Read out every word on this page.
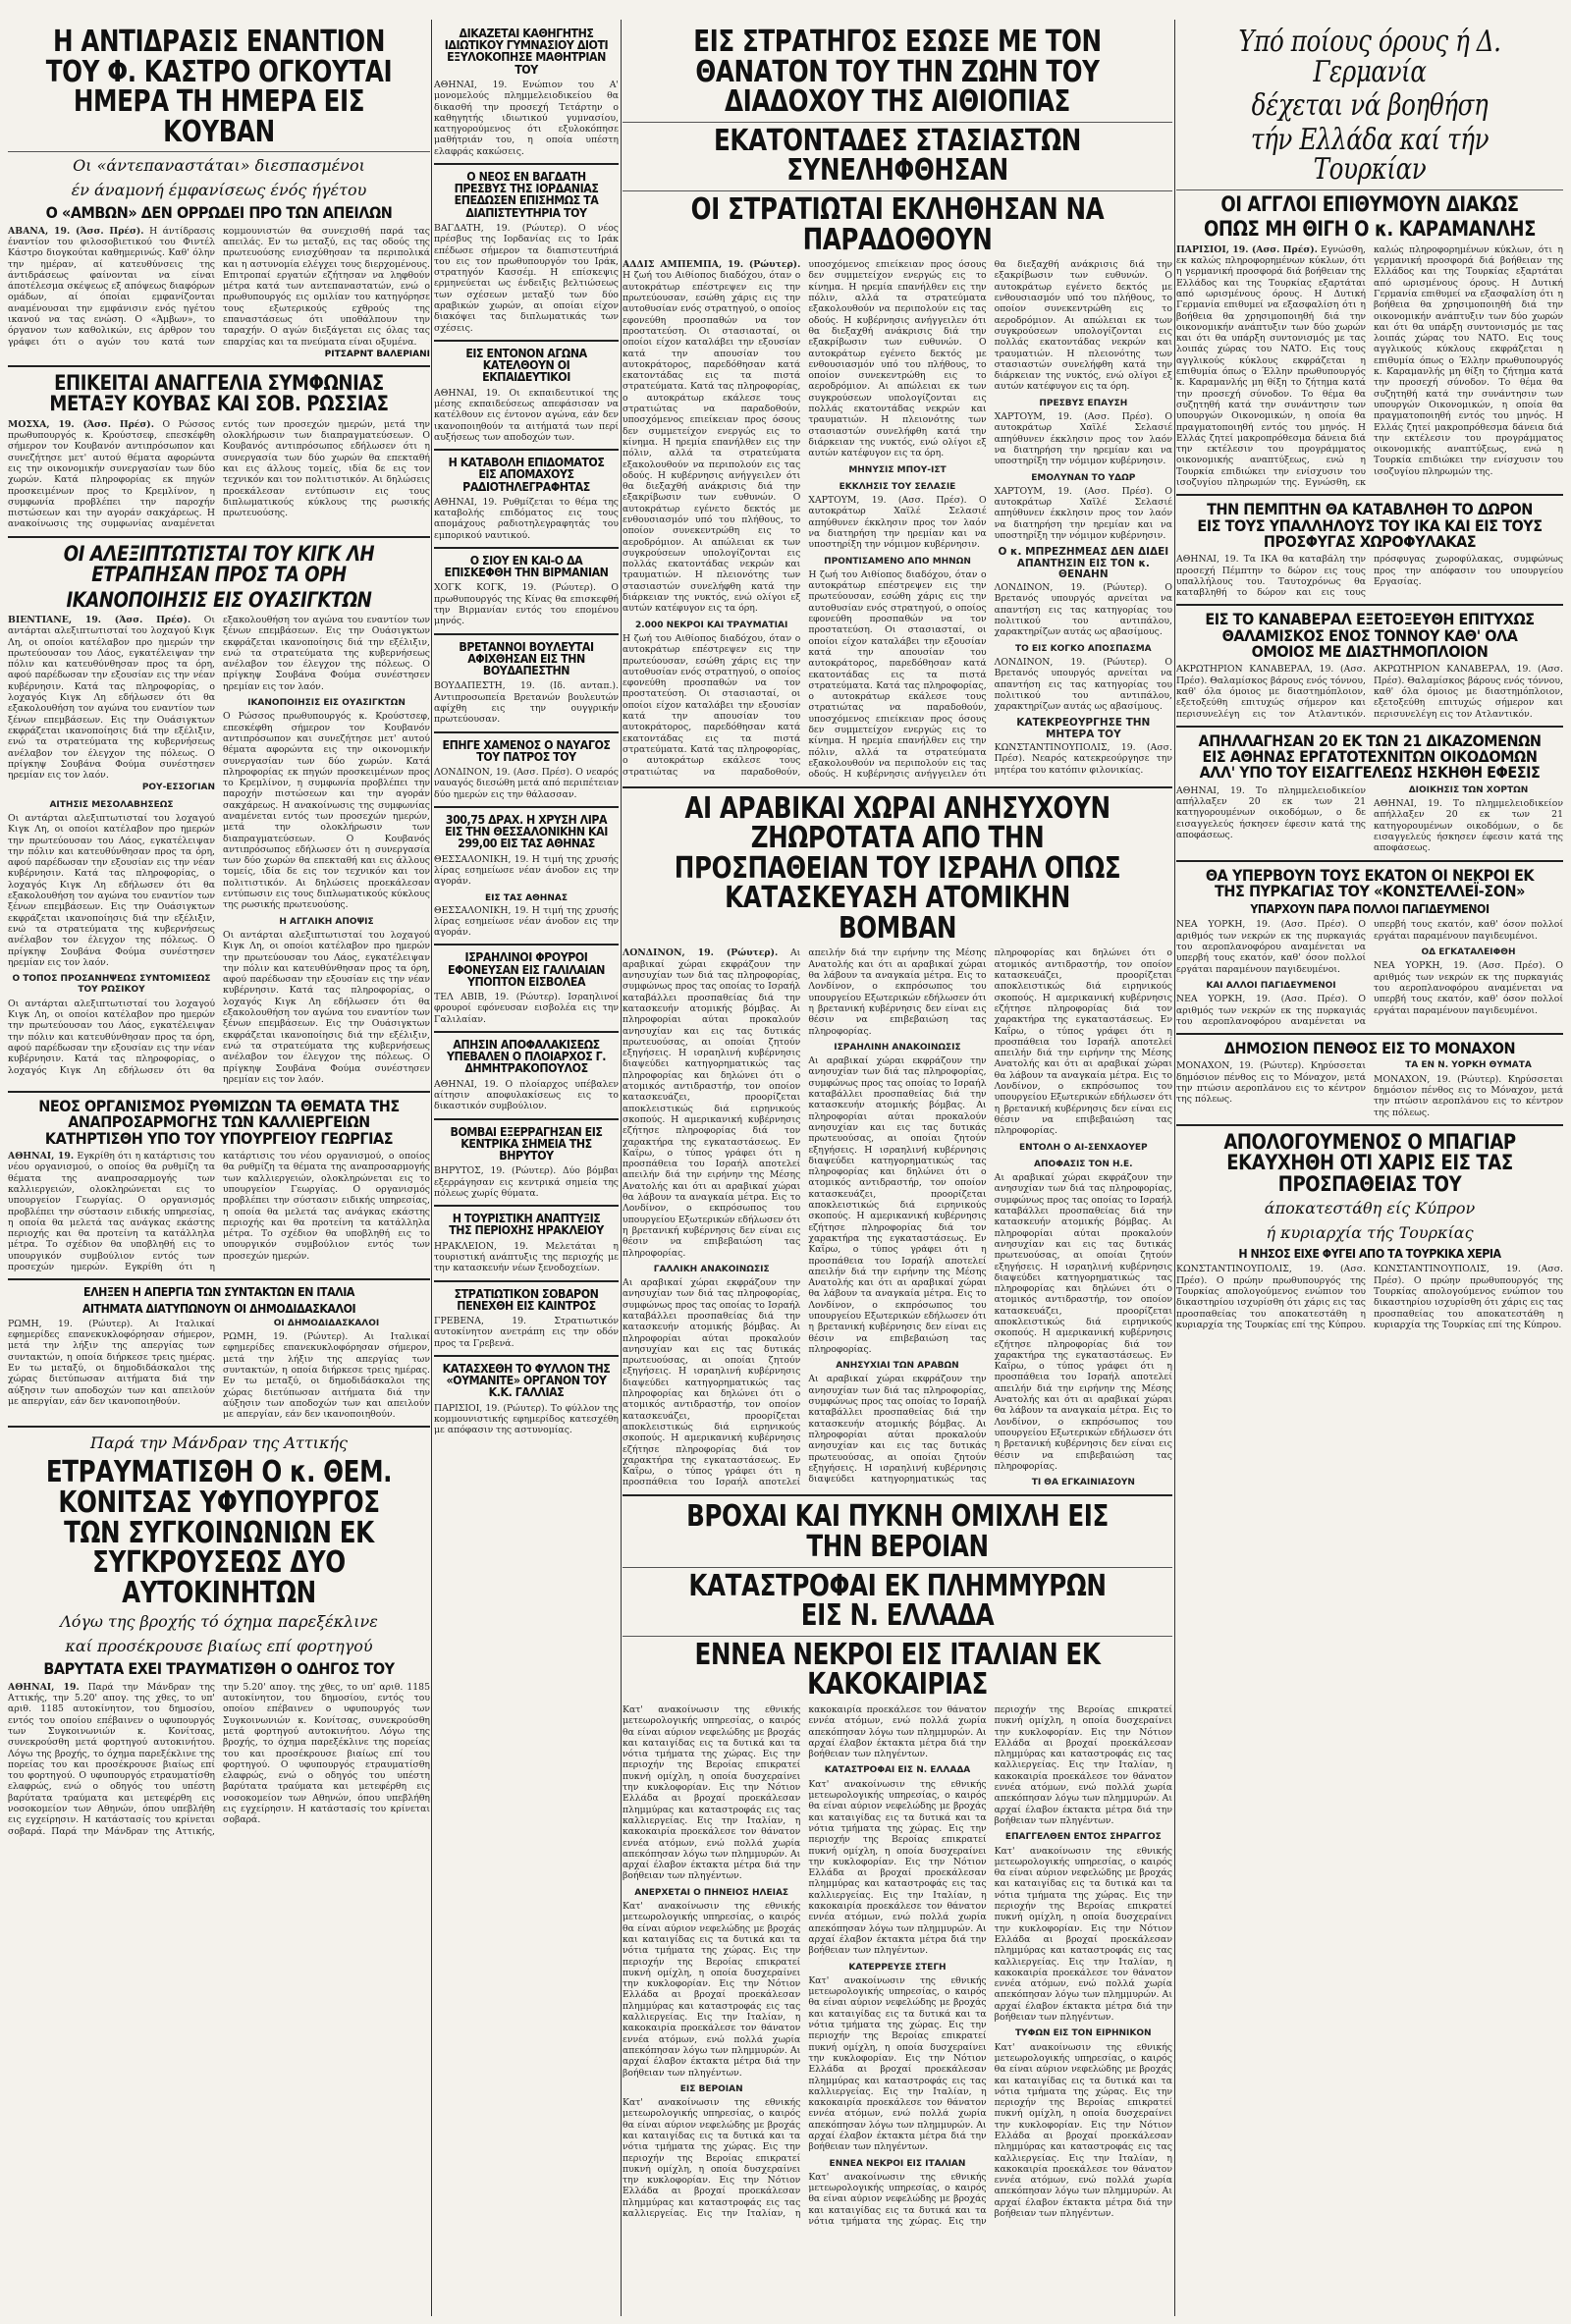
Η ΑΝΤΙΔΡΑΣΙΣ ΕΝΑΝΤΙΟΝ ΤΟΥ Φ. ΚΑΣΤΡΟ ΟΓΚΟΥΤΑΙ ΗΜΕΡΑ ΤΗ ΗΜΕΡΑ ΕΙΣ ΚΟΥΒΑΝ
Οι «άντεπαναστάται» διεσπασμένοι
έν άναμονή έμφανίσεως ένός ήγέτου
Ο «ΑΜΒΩΝ» ΔΕΝ ΟΡΡΩΔΕΙ ΠΡΟ ΤΩΝ ΑΠΕΙΛΩΝ
ΑΒΑΝΑ, 19. (Άσσ. Πρέσ). Η άντίδρασις έναντίον του φιλοσοβιετικού του Φιντέλ Κάστρο διογκούται καθημερινώς. Καθ' όλην την ημέραν, αί κατευθύνσεις της άντιδράσεως φαίνονται να είναι άποτέλεσμα σκέψεως εξ απόψεως διαφόρων ομάδων, αί όποίαι εμφανίζονται αναμένουσαι την εμφάνισιν ενός ηγέτου ικανού να τας ενώση. Ο «Άμβων», το όργανον των καθολικών, εις άρθρον του γράφει ότι ο αγών του κατά των κομμουνιστών θα συνεχισθή παρά τας απειλάς. Εν τω μεταξύ, εις τας οδούς της πρωτευούσης ενισχύθησαν τα περιπολικά και η αστυνομία ελέγχει τους διερχομένους. Επιτροπαί εργατών εζήτησαν να ληφθούν μέτρα κατά των αντεπαναστατών, ενώ ο πρωθυπουργός εις ομιλίαν του κατηγόρησε τους εξωτερικούς εχθρούς της επαναστάσεως ότι υποθάλπουν την ταραχήν. Ο αγών διεξάγεται εις όλας τας επαρχίας και τα πνεύματα είναι οξυμένα.
ΡΙΤΣΑΡΝΤ ΒΑΛΕΡΙΑΝΙ
ΕΠΙΚΕΙΤΑΙ ΑΝΑΓΓΕΛΙΑ ΣΥΜΦΩΝΙΑΣ ΜΕΤΑΞΥ ΚΟΥΒΑΣ ΚΑΙ ΣΟΒ. ΡΩΣΣΙΑΣ
ΜΟΣΧΑ, 19. (Άσσ. Πρέσ). Ο Ρώσσος πρωθυπουργός κ. Κρούστσεφ, επεσκέφθη σήμερον τον Κουβανόν αντιπρόσωπον και συνεζήτησε μετ' αυτού θέματα αφορώντα εις την οικονομικήν συνεργασίαν των δύο χωρών. Κατά πληροφορίας εκ πηγών προσκειμένων προς το Κρεμλίνον, η συμφωνία προβλέπει την παροχήν πιστώσεων και την αγοράν σακχάρεως. Η ανακοίνωσις της συμφωνίας αναμένεται εντός των προσεχών ημερών, μετά την ολοκλήρωσιν των διαπραγματεύσεων. Ο Κουβανός αντιπρόσωπος εδήλωσεν ότι η συνεργασία των δύο χωρών θα επεκταθή και εις άλλους τομείς, ιδία δε εις τον τεχνικόν και τον πολιτιστικόν. Αι δηλώσεις προεκάλεσαν εντύπωσιν εις τους διπλωματικούς κύκλους της ρωσικής πρωτευούσης.
ΟΙ ΑΛΕΞΙΠΤΩΤΙΣΤΑΙ ΤΟΥ ΚΙΓΚ ΛΗ ΕΤΡΑΠΗΣΑΝ ΠΡΟΣ ΤΑ ΟΡΗ
ΙΚΑΝΟΠΟΙΗΣΙΣ ΕΙΣ ΟΥΑΣΙΓΚΤΩΝ
ΒΙΕΝΤΙΑΝΕ, 19. (Άσσ. Πρέσ). Οι αντάρται αλεξιπτωτισταί του λοχαγού Κιγκ Λη, οι οποίοι κατέλαβον προ ημερών την πρωτεύουσαν του Λάος, εγκατέλειψαν την πόλιν και κατευθύνθησαν προς τα όρη, αφού παρέδωσαν την εξουσίαν εις την νέαν κυβέρνησιν. Κατά τας πληροφορίας, ο λοχαγός Κιγκ Λη εδήλωσεν ότι θα εξακολουθήση τον αγώνα του εναντίον των ξένων επεμβάσεων. Εις την Ουάσιγκτων εκφράζεται ικανοποίησις διά την εξέλιξιν, ενώ τα στρατεύματα της κυβερνήσεως ανέλαβον τον έλεγχον της πόλεως. Ο πρίγκηψ Σουβάνα Φούμα συνέστησεν ηρεμίαν εις τον λαόν.
ΡΟΥ-ΕΣΣΟΓΙΑΝ
ΑΙΤΗΣΙΣ ΜΕΣΟΛΑΒΗΣΕΩΣ
Οι αντάρται αλεξιπτωτισταί του λοχαγού Κιγκ Λη, οι οποίοι κατέλαβον προ ημερών την πρωτεύουσαν του Λάος, εγκατέλειψαν την πόλιν και κατευθύνθησαν προς τα όρη, αφού παρέδωσαν την εξουσίαν εις την νέαν κυβέρνησιν. Κατά τας πληροφορίας, ο λοχαγός Κιγκ Λη εδήλωσεν ότι θα εξακολουθήση τον αγώνα του εναντίον των ξένων επεμβάσεων. Εις την Ουάσιγκτων εκφράζεται ικανοποίησις διά την εξέλιξιν, ενώ τα στρατεύματα της κυβερνήσεως ανέλαβον τον έλεγχον της πόλεως. Ο πρίγκηψ Σουβάνα Φούμα συνέστησεν ηρεμίαν εις τον λαόν.
Ο ΤΟΠΟΣ ΠΡΟΣΑΝΗΨΕΩΣ ΣΥΝΤΟΜΙΣΕΩΣ ΤΟΥ ΡΩΣΙΚΟΥ
Οι αντάρται αλεξιπτωτισταί του λοχαγού Κιγκ Λη, οι οποίοι κατέλαβον προ ημερών την πρωτεύουσαν του Λάος, εγκατέλειψαν την πόλιν και κατευθύνθησαν προς τα όρη, αφού παρέδωσαν την εξουσίαν εις την νέαν κυβέρνησιν. Κατά τας πληροφορίας, ο λοχαγός Κιγκ Λη εδήλωσεν ότι θα εξακολουθήση τον αγώνα του εναντίον των ξένων επεμβάσεων. Εις την Ουάσιγκτων εκφράζεται ικανοποίησις διά την εξέλιξιν, ενώ τα στρατεύματα της κυβερνήσεως ανέλαβον τον έλεγχον της πόλεως. Ο πρίγκηψ Σουβάνα Φούμα συνέστησεν ηρεμίαν εις τον λαόν.
ΙΚΑΝΟΠΟΙΗΣΙΣ ΕΙΣ ΟΥΑΣΙΓΚΤΩΝ
Ο Ρώσσος πρωθυπουργός κ. Κρούστσεφ, επεσκέφθη σήμερον τον Κουβανόν αντιπρόσωπον και συνεζήτησε μετ' αυτού θέματα αφορώντα εις την οικονομικήν συνεργασίαν των δύο χωρών. Κατά πληροφορίας εκ πηγών προσκειμένων προς το Κρεμλίνον, η συμφωνία προβλέπει την παροχήν πιστώσεων και την αγοράν σακχάρεως. Η ανακοίνωσις της συμφωνίας αναμένεται εντός των προσεχών ημερών, μετά την ολοκλήρωσιν των διαπραγματεύσεων. Ο Κουβανός αντιπρόσωπος εδήλωσεν ότι η συνεργασία των δύο χωρών θα επεκταθή και εις άλλους τομείς, ιδία δε εις τον τεχνικόν και τον πολιτιστικόν. Αι δηλώσεις προεκάλεσαν εντύπωσιν εις τους διπλωματικούς κύκλους της ρωσικής πρωτευούσης.
Η ΑΓΓΛΙΚΗ ΑΠΟΨΙΣ
Οι αντάρται αλεξιπτωτισταί του λοχαγού Κιγκ Λη, οι οποίοι κατέλαβον προ ημερών την πρωτεύουσαν του Λάος, εγκατέλειψαν την πόλιν και κατευθύνθησαν προς τα όρη, αφού παρέδωσαν την εξουσίαν εις την νέαν κυβέρνησιν. Κατά τας πληροφορίας, ο λοχαγός Κιγκ Λη εδήλωσεν ότι θα εξακολουθήση τον αγώνα του εναντίον των ξένων επεμβάσεων. Εις την Ουάσιγκτων εκφράζεται ικανοποίησις διά την εξέλιξιν, ενώ τα στρατεύματα της κυβερνήσεως ανέλαβον τον έλεγχον της πόλεως. Ο πρίγκηψ Σουβάνα Φούμα συνέστησεν ηρεμίαν εις τον λαόν.
ΝΕΟΣ ΟΡΓΑΝΙΣΜΟΣ ΡΥΘΜΙΖΩΝ ΤΑ ΘΕΜΑΤΑ ΤΗΣ ΑΝΑΠΡΟΣΑΡΜΟΓΗΣ ΤΩΝ ΚΑΛΛΙΕΡΓΕΙΩΝ ΚΑΤΗΡΤΙΣΘΗ ΥΠΟ ΤΟΥ ΥΠΟΥΡΓΕΙΟΥ ΓΕΩΡΓΙΑΣ
ΑΘΗΝΑΙ, 19. Εγκρίθη ότι η κατάρτισις του νέου οργανισμού, ο οποίος θα ρυθμίζη τα θέματα της αναπροσαρμογής των καλλιεργειών, ολοκληρώνεται εις το υπουργείον Γεωργίας. Ο οργανισμός προβλέπει την σύστασιν ειδικής υπηρεσίας, η οποία θα μελετά τας ανάγκας εκάστης περιοχής και θα προτείνη τα κατάλληλα μέτρα. Το σχέδιον θα υποβληθή εις το υπουργικόν συμβούλιον εντός των προσεχών ημερών. Εγκρίθη ότι η κατάρτισις του νέου οργανισμού, ο οποίος θα ρυθμίζη τα θέματα της αναπροσαρμογής των καλλιεργειών, ολοκληρώνεται εις το υπουργείον Γεωργίας. Ο οργανισμός προβλέπει την σύστασιν ειδικής υπηρεσίας, η οποία θα μελετά τας ανάγκας εκάστης περιοχής και θα προτείνη τα κατάλληλα μέτρα. Το σχέδιον θα υποβληθή εις το υπουργικόν συμβούλιον εντός των προσεχών ημερών.
ΕΛΗΞΕΝ Η ΑΠΕΡΓΙΑ ΤΩΝ ΣΥΝΤΑΚΤΩΝ ΕΝ ΙΤΑΛΙΑ
ΑΙΤΗΜΑΤΑ ΔΙΑΤΥΠΩΝΟΥΝ ΟΙ ΔΗΜΟΔΙΔΑΣΚΑΛΟΙ
ΡΩΜΗ, 19. (Ρώυτερ). Αι Ιταλικαί εφημερίδες επανεκυκλοφόρησαν σήμερον, μετά την λήξιν της απεργίας των συντακτών, η οποία διήρκεσε τρεις ημέρας. Εν τω μεταξύ, οι δημοδιδάσκαλοι της χώρας διετύπωσαν αιτήματα διά την αύξησιν των αποδοχών των και απειλούν με απεργίαν, εάν δεν ικανοποιηθούν.
ΟΙ ΔΗΜΟΔΙΔΑΣΚΑΛΟΙ
ΡΩΜΗ, 19. (Ρώυτερ). Αι Ιταλικαί εφημερίδες επανεκυκλοφόρησαν σήμερον, μετά την λήξιν της απεργίας των συντακτών, η οποία διήρκεσε τρεις ημέρας. Εν τω μεταξύ, οι δημοδιδάσκαλοι της χώρας διετύπωσαν αιτήματα διά την αύξησιν των αποδοχών των και απειλούν με απεργίαν, εάν δεν ικανοποιηθούν.
Παρά την Μάνδραν της Αττικής
ΕΤΡΑΥΜΑΤΙΣΘΗ Ο κ. ΘΕΜ. ΚΟΝΙΤΣΑΣ ΥΦΥΠΟΥΡΓΟΣ ΤΩΝ ΣΥΓΚΟΙΝΩΝΙΩΝ ΕΚ ΣΥΓΚΡΟΥΣΕΩΣ ΔΥΟ ΑΥΤΟΚΙΝΗΤΩΝ
Λόγω της βροχής τό όχημα παρεξέκλινε
καί προσέκρουσε βιαίως επί φορτηγού
ΒΑΡΥΤΑΤΑ ΕΧΕΙ ΤΡΑΥΜΑΤΙΣΘΗ Ο ΟΔΗΓΟΣ ΤΟΥ
ΑΘΗΝΑΙ, 19. Παρά την Μάνδραν της Αττικής, την 5.20' απογ. της χθες, το υπ' αριθ. 1185 αυτοκίνητον, του δημοσίου, εντός του οποίου επέβαινεν ο υφυπουργός των Συγκοινωνιών κ. Κονίτσας, συνεκρούσθη μετά φορτηγού αυτοκινήτου. Λόγω της βροχής, το όχημα παρεξέκλινε της πορείας του και προσέκρουσε βιαίως επί του φορτηγού. Ο υφυπουργός ετραυματίσθη ελαφρώς, ενώ ο οδηγός του υπέστη βαρύτατα τραύματα και μετεφέρθη εις νοσοκομείον των Αθηνών, όπου υπεβλήθη εις εγχείρησιν. Η κατάστασίς του κρίνεται σοβαρά. Παρά την Μάνδραν της Αττικής, την 5.20' απογ. της χθες, το υπ' αριθ. 1185 αυτοκίνητον, του δημοσίου, εντός του οποίου επέβαινεν ο υφυπουργός των Συγκοινωνιών κ. Κονίτσας, συνεκρούσθη μετά φορτηγού αυτοκινήτου. Λόγω της βροχής, το όχημα παρεξέκλινε της πορείας του και προσέκρουσε βιαίως επί του φορτηγού. Ο υφυπουργός ετραυματίσθη ελαφρώς, ενώ ο οδηγός του υπέστη βαρύτατα τραύματα και μετεφέρθη εις νοσοκομείον των Αθηνών, όπου υπεβλήθη εις εγχείρησιν. Η κατάστασίς του κρίνεται σοβαρά.
ΔΙΚΑΖΕΤΑΙ ΚΑΘΗΓΗΤΗΣ ΙΔΙΩΤΙΚΟΥ ΓΥΜΝΑΣΙΟΥ ΔΙΟΤΙ ΕΞΥΛΟΚΟΠΗΣΕ ΜΑΘΗΤΡΙΑΝ ΤΟΥ
ΑΘΗΝΑΙ, 19. Ενώπιον του Α' μονομελούς πλημμελειοδικείου θα δικασθή την προσεχή Τετάρτην ο καθηγητής ιδιωτικού γυμνασίου, κατηγορούμενος ότι εξυλοκόπησε μαθήτριάν του, η οποία υπέστη ελαφράς κακώσεις.
Ο ΝΕΟΣ ΕΝ ΒΑΓΔΑΤΗ ΠΡΕΣΒΥΣ ΤΗΣ ΙΟΡΔΑΝΙΑΣ ΕΠΕΔΩΣΕΝ ΕΠΙΣΗΜΩΣ ΤΑ ΔΙΑΠΙΣΤΕΥΤΗΡΙΑ ΤΟΥ
ΒΑΓΔΑΤΗ, 19. (Ρώυτερ). Ο νέος πρέσβυς της Ιορδανίας εις το Ιράκ επέδωσε σήμερον τα διαπιστευτήριά του εις τον πρωθυπουργόν του Ιράκ, στρατηγόν Κασσέμ. Η επίσκεψις ερμηνεύεται ως ένδειξις βελτιώσεως των σχέσεων μεταξύ των δύο αραβικών χωρών, αι οποίαι είχον διακόψει τας διπλωματικάς των σχέσεις.
ΕΙΣ ΕΝΤΟΝΟΝ ΑΓΩΝΑ ΚΑΤΕΛΘΟΥΝ ΟΙ ΕΚΠΑΙΔΕΥΤΙΚΟΙ
ΑΘΗΝΑΙ, 19. Οι εκπαιδευτικοί της μέσης εκπαιδεύσεως απεφάσισαν να κατέλθουν εις έντονον αγώνα, εάν δεν ικανοποιηθούν τα αιτήματά των περί αυξήσεως των αποδοχών των.
Η ΚΑΤΑΒΟΛΗ ΕΠΙΔΟΜΑΤΟΣ ΕΙΣ ΑΠΟΜΑΧΟΥΣ ΡΑΔΙΟΤΗΛΕΓΡΑΦΗΤΑΣ
ΑΘΗΝΑΙ, 19. Ρυθμίζεται το θέμα της καταβολής επιδόματος εις τους απομάχους ραδιοτηλεγραφητάς του εμπορικού ναυτικού.
Ο ΣΙΟΥ ΕΝ ΚΑΙ-Ο ΔΑ ΕΠΙΣΚΕΦΘΗ ΤΗΝ ΒΙΡΜΑΝΙΑΝ
ΧΟΓΚ ΚΟΓΚ, 19. (Ρώυτερ). Ο πρωθυπουργός της Κίνας θα επισκεφθή την Βιρμανίαν εντός του επομένου μηνός.
ΒΡΕΤΑΝΝΟΙ ΒΟΥΛΕΥΤΑΙ ΑΦΙΧΘΗΣΑΝ ΕΙΣ ΤΗΝ ΒΟΥΔΑΠΕΣΤΗΝ
ΒΟΥΔΑΠΕΣΤΗ, 19. (Ιδ. ανταπ.). Αντιπροσωπεία Βρετανών βουλευτών αφίχθη εις την ουγγρικήν πρωτεύουσαν.
ΕΠΗΓΕ ΧΑΜΕΝΟΣ Ο ΝΑΥΑΓΟΣ ΤΟΥ ΠΑΤΡΟΣ ΤΟΥ
ΛΟΝΔΙΝΟΝ, 19. (Ασσ. Πρέσ). Ο νεαρός ναυαγός διεσώθη μετά από περιπέτειαν δύο ημερών εις την θάλασσαν.
300,75 ΔΡΑΧ. Η ΧΡΥΣΗ ΛΙΡΑ ΕΙΣ ΤΗΝ ΘΕΣΣΑΛΟΝΙΚΗΝ ΚΑΙ 299,00 ΕΙΣ ΤΑΣ ΑΘΗΝΑΣ
ΘΕΣΣΑΛΟΝΙΚΗ, 19. Η τιμή της χρυσής λίρας εσημείωσε νέαν άνοδον εις την αγοράν.
ΕΙΣ ΤΑΣ ΑΘΗΝΑΣ
ΘΕΣΣΑΛΟΝΙΚΗ, 19. Η τιμή της χρυσής λίρας εσημείωσε νέαν άνοδον εις την αγοράν.
ΙΣΡΑΗΛΙΝΟΙ ΦΡΟΥΡΟΙ ΕΦΟΝΕΥΣΑΝ ΕΙΣ ΓΑΛΙΛΑΙΑΝ ΥΠΟΠΤΟΝ ΕΙΣΒΟΛΕΑ
ΤΕΛ ΑΒΙΒ, 19. (Ρώυτερ). Ισραηλινοί φρουροί εφόνευσαν εισβολέα εις την Γαλιλαίαν.
ΑΠΗΣΙΝ ΑΠΟΦΑΛΑΚΙΣΕΩΣ ΥΠΕΒΑΛΕΝ Ο ΠΛΟΙΑΡΧΟΣ Γ. ΔΗΜΗΤΡΑΚΟΠΟΥΛΟΣ
ΑΘΗΝΑΙ, 19. Ο πλοίαρχος υπέβαλεν αίτησιν αποφυλακίσεως εις το δικαστικόν συμβούλιον.
ΒΟΜΒΑΙ ΕΞΕΡΡΑΓΗΣΑΝ ΕΙΣ ΚΕΝΤΡΙΚΑ ΣΗΜΕΙΑ ΤΗΣ ΒΗΡΥΤΟΥ
ΒΗΡΥΤΟΣ, 19. (Ρώυτερ). Δύο βόμβαι εξερράγησαν εις κεντρικά σημεία της πόλεως χωρίς θύματα.
Η ΤΟΥΡΙΣΤΙΚΗ ΑΝΑΠΤΥΞΙΣ ΤΗΣ ΠΕΡΙΟΧΗΣ ΗΡΑΚΛΕΙΟΥ
ΗΡΑΚΛΕΙΟΝ, 19. Μελετάται η τουριστική ανάπτυξις της περιοχής με την κατασκευήν νέων ξενοδοχείων.
ΣΤΡΑΤΙΩΤΙΚΟΝ ΣΟΒΑΡΟΝ ΠΕΝΕΧΘΗ ΕΙΣ ΚΑΙΝΤΡΟΣ
ΓΡΕΒΕΝΑ, 19. Στρατιωτικόν αυτοκίνητον ανετράπη εις την οδόν προς τα Γρεβενά.
ΚΑΤΑΣΧΕΘΗ ΤΟ ΦΥΛΛΟΝ ΤΗΣ «ΟΥΜΑΝΙΤΕ» ΟΡΓΑΝΟΝ ΤΟΥ Κ.Κ. ΓΑΛΛΙΑΣ
ΠΑΡΙΣΙΟΙ, 19. (Ρώυτερ). Το φύλλον της κομμουνιστικής εφημερίδος κατεσχέθη με απόφασιν της αστυνομίας.
ΕΙΣ ΣΤΡΑΤΗΓΟΣ ΕΣΩΣΕ ΜΕ ΤΟΝ ΘΑΝΑΤΟΝ ΤΟΥ ΤΗΝ ΖΩΗΝ ΤΟΥ ΔΙΑΔΟΧΟΥ ΤΗΣ ΑΙΘΙΟΠΙΑΣ
ΕΚΑΤΟΝΤΑΔΕΣ ΣΤΑΣΙΑΣΤΩΝ ΣΥΝΕΛΗΦΘΗΣΑΝ
ΟΙ ΣΤΡΑΤΙΩΤΑΙ ΕΚΛΗΘΗΣΑΝ ΝΑ ΠΑΡΑΔΟΘΟΥΝ
ΑΔΔΙΣ ΑΜΠΕΜΠΑ, 19. (Ρώυτερ). Η ζωή του Αιθίοπος διαδόχου, όταν ο αυτοκράτωρ επέστρεψεν εις την πρωτεύουσαν, εσώθη χάρις εις την αυτοθυσίαν ενός στρατηγού, ο οποίος εφονεύθη προσπαθών να τον προστατεύση. Οι στασιασταί, οι οποίοι είχον καταλάβει την εξουσίαν κατά την απουσίαν του αυτοκράτορος, παρεδόθησαν κατά εκατοντάδας εις τα πιστά στρατεύματα. Κατά τας πληροφορίας, ο αυτοκράτωρ εκάλεσε τους στρατιώτας να παραδοθούν, υποσχόμενος επιείκειαν προς όσους δεν συμμετείχον ενεργώς εις το κίνημα. Η ηρεμία επανήλθεν εις την πόλιν, αλλά τα στρατεύματα εξακολουθούν να περιπολούν εις τας οδούς. Η κυβέρνησις ανήγγειλεν ότι θα διεξαχθή ανάκρισις διά την εξακρίβωσιν των ευθυνών. Ο αυτοκράτωρ εγένετο δεκτός με ενθουσιασμόν υπό του πλήθους, το οποίον συνεκεντρώθη εις το αεροδρόμιον. Αι απώλειαι εκ των συγκρούσεων υπολογίζονται εις πολλάς εκατοντάδας νεκρών και τραυματιών. Η πλειονότης των στασιαστών συνελήφθη κατά την διάρκειαν της νυκτός, ενώ ολίγοι εξ αυτών κατέφυγον εις τα όρη.
2.000 ΝΕΚΡΟΙ ΚΑΙ ΤΡΑΥΜΑΤΙΑΙ
Η ζωή του Αιθίοπος διαδόχου, όταν ο αυτοκράτωρ επέστρεψεν εις την πρωτεύουσαν, εσώθη χάρις εις την αυτοθυσίαν ενός στρατηγού, ο οποίος εφονεύθη προσπαθών να τον προστατεύση. Οι στασιασταί, οι οποίοι είχον καταλάβει την εξουσίαν κατά την απουσίαν του αυτοκράτορος, παρεδόθησαν κατά εκατοντάδας εις τα πιστά στρατεύματα. Κατά τας πληροφορίας, ο αυτοκράτωρ εκάλεσε τους στρατιώτας να παραδοθούν, υποσχόμενος επιείκειαν προς όσους δεν συμμετείχον ενεργώς εις το κίνημα. Η ηρεμία επανήλθεν εις την πόλιν, αλλά τα στρατεύματα εξακολουθούν να περιπολούν εις τας οδούς. Η κυβέρνησις ανήγγειλεν ότι θα διεξαχθή ανάκρισις διά την εξακρίβωσιν των ευθυνών. Ο αυτοκράτωρ εγένετο δεκτός με ενθουσιασμόν υπό του πλήθους, το οποίον συνεκεντρώθη εις το αεροδρόμιον. Αι απώλειαι εκ των συγκρούσεων υπολογίζονται εις πολλάς εκατοντάδας νεκρών και τραυματιών. Η πλειονότης των στασιαστών συνελήφθη κατά την διάρκειαν της νυκτός, ενώ ολίγοι εξ αυτών κατέφυγον εις τα όρη.
ΜΗΝΥΣΙΣ ΜΠΟΥ-ΙΣΤ
ΕΚΚΛΗΣΙΣ ΤΟΥ ΣΕΛΑΣΙΕ
ΧΑΡΤΟΥΜ, 19. (Ασσ. Πρέσ). Ο αυτοκράτωρ Χαϊλέ Σελασιέ απηύθυνεν έκκλησιν προς τον λαόν να διατηρήση την ηρεμίαν και να υποστηρίξη την νόμιμον κυβέρνησιν.
ΠΡΟΝΤΙΣΑΜΕΝΟ ΑΠΟ ΜΗΝΩΝ
Η ζωή του Αιθίοπος διαδόχου, όταν ο αυτοκράτωρ επέστρεψεν εις την πρωτεύουσαν, εσώθη χάρις εις την αυτοθυσίαν ενός στρατηγού, ο οποίος εφονεύθη προσπαθών να τον προστατεύση. Οι στασιασταί, οι οποίοι είχον καταλάβει την εξουσίαν κατά την απουσίαν του αυτοκράτορος, παρεδόθησαν κατά εκατοντάδας εις τα πιστά στρατεύματα. Κατά τας πληροφορίας, ο αυτοκράτωρ εκάλεσε τους στρατιώτας να παραδοθούν, υποσχόμενος επιείκειαν προς όσους δεν συμμετείχον ενεργώς εις το κίνημα. Η ηρεμία επανήλθεν εις την πόλιν, αλλά τα στρατεύματα εξακολουθούν να περιπολούν εις τας οδούς. Η κυβέρνησις ανήγγειλεν ότι θα διεξαχθή ανάκρισις διά την εξακρίβωσιν των ευθυνών. Ο αυτοκράτωρ εγένετο δεκτός με ενθουσιασμόν υπό του πλήθους, το οποίον συνεκεντρώθη εις το αεροδρόμιον. Αι απώλειαι εκ των συγκρούσεων υπολογίζονται εις πολλάς εκατοντάδας νεκρών και τραυματιών. Η πλειονότης των στασιαστών συνελήφθη κατά την διάρκειαν της νυκτός, ενώ ολίγοι εξ αυτών κατέφυγον εις τα όρη.
ΠΡΕΣΒΥΣ ΕΠΑΥΣΗ
ΧΑΡΤΟΥΜ, 19. (Ασσ. Πρέσ). Ο αυτοκράτωρ Χαϊλέ Σελασιέ απηύθυνεν έκκλησιν προς τον λαόν να διατηρήση την ηρεμίαν και να υποστηρίξη την νόμιμον κυβέρνησιν.
ΕΜΟΛΥΝΑΝ ΤΟ ΥΔΩΡ
ΧΑΡΤΟΥΜ, 19. (Ασσ. Πρέσ). Ο αυτοκράτωρ Χαϊλέ Σελασιέ απηύθυνεν έκκλησιν προς τον λαόν να διατηρήση την ηρεμίαν και να υποστηρίξη την νόμιμον κυβέρνησιν.
Ο κ. ΜΠΡΕΖΗΜΕΑΣ ΔΕΝ ΔΙΔΕΙ ΑΠΑΝΤΗΣΙΝ ΕΙΣ ΤΟΝ κ. ΘΕΝΑΗΝ
ΛΟΝΔΙΝΟΝ, 19. (Ρώυτερ). Ο Βρετανός υπουργός αρνείται να απαντήση εις τας κατηγορίας του πολιτικού του αντιπάλου, χαρακτηρίζων αυτάς ως αβασίμους.
ΤΟ ΕΙΣ ΚΟΓΚΟ ΑΠΟΣΠΑΣΜΑ
ΛΟΝΔΙΝΟΝ, 19. (Ρώυτερ). Ο Βρετανός υπουργός αρνείται να απαντήση εις τας κατηγορίας του πολιτικού του αντιπάλου, χαρακτηρίζων αυτάς ως αβασίμους.
ΚΑΤΕΚΡΕΟΥΡΓΗΣΕ ΤΗΝ ΜΗΤΕΡΑ ΤΟΥ
ΚΩΝΣΤΑΝΤΙΝΟΥΠΟΛΙΣ, 19. (Ασσ. Πρέσ). Νεαρός κατεκρεούργησε την μητέρα του κατόπιν φιλονικίας.
ΑΙ ΑΡΑΒΙΚΑΙ ΧΩΡΑΙ ΑΝΗΣΥΧΟΥΝ ΖΗΩΡΟΤΑΤΑ ΑΠΟ ΤΗΝ ΠΡΟΣΠΑΘΕΙΑΝ ΤΟΥ ΙΣΡΑΗΛ ΟΠΩΣ ΚΑΤΑΣΚΕΥΑΣΗ ΑΤΟΜΙΚΗΝ ΒΟΜΒΑΝ
ΛΟΝΔΙΝΟΝ, 19. (Ρώυτερ). Αι αραβικαί χώραι εκφράζουν την ανησυχίαν των διά τας πληροφορίας, συμφώνως προς τας οποίας το Ισραήλ καταβάλλει προσπαθείας διά την κατασκευήν ατομικής βόμβας. Αι πληροφορίαι αύται προκαλούν ανησυχίαν και εις τας δυτικάς πρωτευούσας, αι οποίαι ζητούν εξηγήσεις. Η ισραηλινή κυβέρνησις διαψεύδει κατηγορηματικώς τας πληροφορίας και δηλώνει ότι ο ατομικός αντιδραστήρ, τον οποίον κατασκευάζει, προορίζεται αποκλειστικώς διά ειρηνικούς σκοπούς. Η αμερικανική κυβέρνησις εζήτησε πληροφορίας διά τον χαρακτήρα της εγκαταστάσεως. Εν Καΐρω, ο τύπος γράφει ότι η προσπάθεια του Ισραήλ αποτελεί απειλήν διά την ειρήνην της Μέσης Ανατολής και ότι αι αραβικαί χώραι θα λάβουν τα αναγκαία μέτρα. Εις το Λονδίνον, ο εκπρόσωπος του υπουργείου Εξωτερικών εδήλωσεν ότι η βρετανική κυβέρνησις δεν είναι εις θέσιν να επιβεβαιώση τας πληροφορίας.
ΓΑΛΛΙΚΗ ΑΝΑΚΟΙΝΩΣΙΣ
Αι αραβικαί χώραι εκφράζουν την ανησυχίαν των διά τας πληροφορίας, συμφώνως προς τας οποίας το Ισραήλ καταβάλλει προσπαθείας διά την κατασκευήν ατομικής βόμβας. Αι πληροφορίαι αύται προκαλούν ανησυχίαν και εις τας δυτικάς πρωτευούσας, αι οποίαι ζητούν εξηγήσεις. Η ισραηλινή κυβέρνησις διαψεύδει κατηγορηματικώς τας πληροφορίας και δηλώνει ότι ο ατομικός αντιδραστήρ, τον οποίον κατασκευάζει, προορίζεται αποκλειστικώς διά ειρηνικούς σκοπούς. Η αμερικανική κυβέρνησις εζήτησε πληροφορίας διά τον χαρακτήρα της εγκαταστάσεως. Εν Καΐρω, ο τύπος γράφει ότι η προσπάθεια του Ισραήλ αποτελεί απειλήν διά την ειρήνην της Μέσης Ανατολής και ότι αι αραβικαί χώραι θα λάβουν τα αναγκαία μέτρα. Εις το Λονδίνον, ο εκπρόσωπος του υπουργείου Εξωτερικών εδήλωσεν ότι η βρετανική κυβέρνησις δεν είναι εις θέσιν να επιβεβαιώση τας πληροφορίας.
ΙΣΡΑΗΛΙΝΗ ΑΝΑΚΟΙΝΩΣΙΣ
Αι αραβικαί χώραι εκφράζουν την ανησυχίαν των διά τας πληροφορίας, συμφώνως προς τας οποίας το Ισραήλ καταβάλλει προσπαθείας διά την κατασκευήν ατομικής βόμβας. Αι πληροφορίαι αύται προκαλούν ανησυχίαν και εις τας δυτικάς πρωτευούσας, αι οποίαι ζητούν εξηγήσεις. Η ισραηλινή κυβέρνησις διαψεύδει κατηγορηματικώς τας πληροφορίας και δηλώνει ότι ο ατομικός αντιδραστήρ, τον οποίον κατασκευάζει, προορίζεται αποκλειστικώς διά ειρηνικούς σκοπούς. Η αμερικανική κυβέρνησις εζήτησε πληροφορίας διά τον χαρακτήρα της εγκαταστάσεως. Εν Καΐρω, ο τύπος γράφει ότι η προσπάθεια του Ισραήλ αποτελεί απειλήν διά την ειρήνην της Μέσης Ανατολής και ότι αι αραβικαί χώραι θα λάβουν τα αναγκαία μέτρα. Εις το Λονδίνον, ο εκπρόσωπος του υπουργείου Εξωτερικών εδήλωσεν ότι η βρετανική κυβέρνησις δεν είναι εις θέσιν να επιβεβαιώση τας πληροφορίας.
ΑΝΗΣΥΧΙΑΙ ΤΩΝ ΑΡΑΒΩΝ
Αι αραβικαί χώραι εκφράζουν την ανησυχίαν των διά τας πληροφορίας, συμφώνως προς τας οποίας το Ισραήλ καταβάλλει προσπαθείας διά την κατασκευήν ατομικής βόμβας. Αι πληροφορίαι αύται προκαλούν ανησυχίαν και εις τας δυτικάς πρωτευούσας, αι οποίαι ζητούν εξηγήσεις. Η ισραηλινή κυβέρνησις διαψεύδει κατηγορηματικώς τας πληροφορίας και δηλώνει ότι ο ατομικός αντιδραστήρ, τον οποίον κατασκευάζει, προορίζεται αποκλειστικώς διά ειρηνικούς σκοπούς. Η αμερικανική κυβέρνησις εζήτησε πληροφορίας διά τον χαρακτήρα της εγκαταστάσεως. Εν Καΐρω, ο τύπος γράφει ότι η προσπάθεια του Ισραήλ αποτελεί απειλήν διά την ειρήνην της Μέσης Ανατολής και ότι αι αραβικαί χώραι θα λάβουν τα αναγκαία μέτρα. Εις το Λονδίνον, ο εκπρόσωπος του υπουργείου Εξωτερικών εδήλωσεν ότι η βρετανική κυβέρνησις δεν είναι εις θέσιν να επιβεβαιώση τας πληροφορίας.
ΕΝΤΟΛΗ Ο ΑΙ-ΣΕΝΧΑΟΥΕΡ
ΑΠΟΦΑΣΙΣ ΤΟΝ Η.Ε.
Αι αραβικαί χώραι εκφράζουν την ανησυχίαν των διά τας πληροφορίας, συμφώνως προς τας οποίας το Ισραήλ καταβάλλει προσπαθείας διά την κατασκευήν ατομικής βόμβας. Αι πληροφορίαι αύται προκαλούν ανησυχίαν και εις τας δυτικάς πρωτευούσας, αι οποίαι ζητούν εξηγήσεις. Η ισραηλινή κυβέρνησις διαψεύδει κατηγορηματικώς τας πληροφορίας και δηλώνει ότι ο ατομικός αντιδραστήρ, τον οποίον κατασκευάζει, προορίζεται αποκλειστικώς διά ειρηνικούς σκοπούς. Η αμερικανική κυβέρνησις εζήτησε πληροφορίας διά τον χαρακτήρα της εγκαταστάσεως. Εν Καΐρω, ο τύπος γράφει ότι η προσπάθεια του Ισραήλ αποτελεί απειλήν διά την ειρήνην της Μέσης Ανατολής και ότι αι αραβικαί χώραι θα λάβουν τα αναγκαία μέτρα. Εις το Λονδίνον, ο εκπρόσωπος του υπουργείου Εξωτερικών εδήλωσεν ότι η βρετανική κυβέρνησις δεν είναι εις θέσιν να επιβεβαιώση τας πληροφορίας.
ΤΙ ΘΑ ΕΓΚΑΙΝΙΑΣΟΥΝ
ΒΡΟΧΑΙ ΚΑΙ ΠΥΚΝΗ ΟΜΙΧΛΗ ΕΙΣ ΤΗΝ ΒΕΡΟΙΑΝ
ΚΑΤΑΣΤΡΟΦΑΙ ΕΚ ΠΛΗΜΜΥΡΩΝ ΕΙΣ Ν. ΕΛΛΑΔΑ
ΕΝΝΕΑ ΝΕΚΡΟΙ ΕΙΣ ΙΤΑΛΙΑΝ ΕΚ ΚΑΚΟΚΑΙΡΙΑΣ
Κατ' ανακοίνωσιν της εθνικής μετεωρολογικής υπηρεσίας, ο καιρός θα είναι αύριον νεφελώδης με βροχάς και καταιγίδας εις τα δυτικά και τα νότια τμήματα της χώρας. Εις την περιοχήν της Βεροίας επικρατεί πυκνή ομίχλη, η οποία δυσχεραίνει την κυκλοφορίαν. Εις την Νότιον Ελλάδα αι βροχαί προεκάλεσαν πλημμύρας και καταστροφάς εις τας καλλιεργείας. Εις την Ιταλίαν, η κακοκαιρία προεκάλεσε τον θάνατον εννέα ατόμων, ενώ πολλά χωρία απεκόπησαν λόγω των πλημμυρών. Αι αρχαί έλαβον έκτακτα μέτρα διά την βοήθειαν των πληγέντων.
ΑΝΕΡΧΕΤΑΙ Ο ΠΗΝΕΙΟΣ ΗΛΕΙΑΣ
Κατ' ανακοίνωσιν της εθνικής μετεωρολογικής υπηρεσίας, ο καιρός θα είναι αύριον νεφελώδης με βροχάς και καταιγίδας εις τα δυτικά και τα νότια τμήματα της χώρας. Εις την περιοχήν της Βεροίας επικρατεί πυκνή ομίχλη, η οποία δυσχεραίνει την κυκλοφορίαν. Εις την Νότιον Ελλάδα αι βροχαί προεκάλεσαν πλημμύρας και καταστροφάς εις τας καλλιεργείας. Εις την Ιταλίαν, η κακοκαιρία προεκάλεσε τον θάνατον εννέα ατόμων, ενώ πολλά χωρία απεκόπησαν λόγω των πλημμυρών. Αι αρχαί έλαβον έκτακτα μέτρα διά την βοήθειαν των πληγέντων.
ΕΙΣ ΒΕΡΟΙΑΝ
Κατ' ανακοίνωσιν της εθνικής μετεωρολογικής υπηρεσίας, ο καιρός θα είναι αύριον νεφελώδης με βροχάς και καταιγίδας εις τα δυτικά και τα νότια τμήματα της χώρας. Εις την περιοχήν της Βεροίας επικρατεί πυκνή ομίχλη, η οποία δυσχεραίνει την κυκλοφορίαν. Εις την Νότιον Ελλάδα αι βροχαί προεκάλεσαν πλημμύρας και καταστροφάς εις τας καλλιεργείας. Εις την Ιταλίαν, η κακοκαιρία προεκάλεσε τον θάνατον εννέα ατόμων, ενώ πολλά χωρία απεκόπησαν λόγω των πλημμυρών. Αι αρχαί έλαβον έκτακτα μέτρα διά την βοήθειαν των πληγέντων.
ΚΑΤΑΣΤΡΟΦΑΙ ΕΙΣ Ν. ΕΛΛΑΔΑ
Κατ' ανακοίνωσιν της εθνικής μετεωρολογικής υπηρεσίας, ο καιρός θα είναι αύριον νεφελώδης με βροχάς και καταιγίδας εις τα δυτικά και τα νότια τμήματα της χώρας. Εις την περιοχήν της Βεροίας επικρατεί πυκνή ομίχλη, η οποία δυσχεραίνει την κυκλοφορίαν. Εις την Νότιον Ελλάδα αι βροχαί προεκάλεσαν πλημμύρας και καταστροφάς εις τας καλλιεργείας. Εις την Ιταλίαν, η κακοκαιρία προεκάλεσε τον θάνατον εννέα ατόμων, ενώ πολλά χωρία απεκόπησαν λόγω των πλημμυρών. Αι αρχαί έλαβον έκτακτα μέτρα διά την βοήθειαν των πληγέντων.
ΚΑΤΕΡΡΕΥΣΕ ΣΤΕΓΗ
Κατ' ανακοίνωσιν της εθνικής μετεωρολογικής υπηρεσίας, ο καιρός θα είναι αύριον νεφελώδης με βροχάς και καταιγίδας εις τα δυτικά και τα νότια τμήματα της χώρας. Εις την περιοχήν της Βεροίας επικρατεί πυκνή ομίχλη, η οποία δυσχεραίνει την κυκλοφορίαν. Εις την Νότιον Ελλάδα αι βροχαί προεκάλεσαν πλημμύρας και καταστροφάς εις τας καλλιεργείας. Εις την Ιταλίαν, η κακοκαιρία προεκάλεσε τον θάνατον εννέα ατόμων, ενώ πολλά χωρία απεκόπησαν λόγω των πλημμυρών. Αι αρχαί έλαβον έκτακτα μέτρα διά την βοήθειαν των πληγέντων.
ΕΝΝΕΑ ΝΕΚΡΟΙ ΕΙΣ ΙΤΑΛΙΑΝ
Κατ' ανακοίνωσιν της εθνικής μετεωρολογικής υπηρεσίας, ο καιρός θα είναι αύριον νεφελώδης με βροχάς και καταιγίδας εις τα δυτικά και τα νότια τμήματα της χώρας. Εις την περιοχήν της Βεροίας επικρατεί πυκνή ομίχλη, η οποία δυσχεραίνει την κυκλοφορίαν. Εις την Νότιον Ελλάδα αι βροχαί προεκάλεσαν πλημμύρας και καταστροφάς εις τας καλλιεργείας. Εις την Ιταλίαν, η κακοκαιρία προεκάλεσε τον θάνατον εννέα ατόμων, ενώ πολλά χωρία απεκόπησαν λόγω των πλημμυρών. Αι αρχαί έλαβον έκτακτα μέτρα διά την βοήθειαν των πληγέντων.
ΕΠΑΓΓΕΛΘΕΝ ΕΝΤΟΣ ΣΗΡΑΓΓΟΣ
Κατ' ανακοίνωσιν της εθνικής μετεωρολογικής υπηρεσίας, ο καιρός θα είναι αύριον νεφελώδης με βροχάς και καταιγίδας εις τα δυτικά και τα νότια τμήματα της χώρας. Εις την περιοχήν της Βεροίας επικρατεί πυκνή ομίχλη, η οποία δυσχεραίνει την κυκλοφορίαν. Εις την Νότιον Ελλάδα αι βροχαί προεκάλεσαν πλημμύρας και καταστροφάς εις τας καλλιεργείας. Εις την Ιταλίαν, η κακοκαιρία προεκάλεσε τον θάνατον εννέα ατόμων, ενώ πολλά χωρία απεκόπησαν λόγω των πλημμυρών. Αι αρχαί έλαβον έκτακτα μέτρα διά την βοήθειαν των πληγέντων.
ΤΥΦΩΝ ΕΙΣ ΤΟΝ ΕΙΡΗΝΙΚΟΝ
Κατ' ανακοίνωσιν της εθνικής μετεωρολογικής υπηρεσίας, ο καιρός θα είναι αύριον νεφελώδης με βροχάς και καταιγίδας εις τα δυτικά και τα νότια τμήματα της χώρας. Εις την περιοχήν της Βεροίας επικρατεί πυκνή ομίχλη, η οποία δυσχεραίνει την κυκλοφορίαν. Εις την Νότιον Ελλάδα αι βροχαί προεκάλεσαν πλημμύρας και καταστροφάς εις τας καλλιεργείας. Εις την Ιταλίαν, η κακοκαιρία προεκάλεσε τον θάνατον εννέα ατόμων, ενώ πολλά χωρία απεκόπησαν λόγω των πλημμυρών. Αι αρχαί έλαβον έκτακτα μέτρα διά την βοήθειαν των πληγέντων.
Υπό ποίους όρους ή Δ. Γερμανία
δέχεται νά βοηθήση
τήν Ελλάδα καί τήν Τουρκίαν
ΟΙ ΑΓΓΛΟΙ ΕΠΙΘΥΜΟΥΝ ΔΙΑΚΩΣ
ΟΠΩΣ ΜΗ ΘΙΓΗ Ο κ. ΚΑΡΑΜΑΝΛΗΣ
ΠΑΡΙΣΙΟΙ, 19. (Ασσ. Πρέσ). Εγνώσθη, εκ καλώς πληροφορημένων κύκλων, ότι η γερμανική προσφορά διά βοήθειαν της Ελλάδος και της Τουρκίας εξαρτάται από ωρισμένους όρους. Η Δυτική Γερμανία επιθυμεί να εξασφαλίση ότι η βοήθεια θα χρησιμοποιηθή διά την οικονομικήν ανάπτυξιν των δύο χωρών και ότι θα υπάρξη συντονισμός με τας λοιπάς χώρας του ΝΑΤΟ. Εις τους αγγλικούς κύκλους εκφράζεται η επιθυμία όπως ο Έλλην πρωθυπουργός κ. Καραμανλής μη θίξη το ζήτημα κατά την προσεχή σύνοδον. Το θέμα θα συζητηθή κατά την συνάντησιν των υπουργών Οικονομικών, η οποία θα πραγματοποιηθή εντός του μηνός. Η Ελλάς ζητεί μακροπρόθεσμα δάνεια διά την εκτέλεσιν του προγράμματος οικονομικής αναπτύξεως, ενώ η Τουρκία επιδιώκει την ενίσχυσιν του ισοζυγίου πληρωμών της. Εγνώσθη, εκ καλώς πληροφορημένων κύκλων, ότι η γερμανική προσφορά διά βοήθειαν της Ελλάδος και της Τουρκίας εξαρτάται από ωρισμένους όρους. Η Δυτική Γερμανία επιθυμεί να εξασφαλίση ότι η βοήθεια θα χρησιμοποιηθή διά την οικονομικήν ανάπτυξιν των δύο χωρών και ότι θα υπάρξη συντονισμός με τας λοιπάς χώρας του ΝΑΤΟ. Εις τους αγγλικούς κύκλους εκφράζεται η επιθυμία όπως ο Έλλην πρωθυπουργός κ. Καραμανλής μη θίξη το ζήτημα κατά την προσεχή σύνοδον. Το θέμα θα συζητηθή κατά την συνάντησιν των υπουργών Οικονομικών, η οποία θα πραγματοποιηθή εντός του μηνός. Η Ελλάς ζητεί μακροπρόθεσμα δάνεια διά την εκτέλεσιν του προγράμματος οικονομικής αναπτύξεως, ενώ η Τουρκία επιδιώκει την ενίσχυσιν του ισοζυγίου πληρωμών της.
ΤΗΝ ΠΕΜΠΤΗΝ ΘΑ ΚΑΤΑΒΛΗΘΗ ΤΟ ΔΩΡΟΝ ΕΙΣ ΤΟΥΣ ΥΠΑΛΛΗΛΟΥΣ ΤΟΥ ΙΚΑ ΚΑΙ ΕΙΣ ΤΟΥΣ ΠΡΟΣΦΥΓΑΣ ΧΩΡΟΦΥΛΑΚΑΣ
ΑΘΗΝΑΙ, 19. Τα ΙΚΑ θα καταβάλη την προσεχή Πέμπτην το δώρον εις τους υπαλλήλους του. Ταυτοχρόνως θα καταβληθή το δώρον και εις τους πρόσφυγας χωροφύλακας, συμφώνως προς την απόφασιν του υπουργείου Εργασίας.
ΕΙΣ ΤΟ ΚΑΝΑΒΕΡΑΛ ΕΞΕΤΟΞΕΥΘΗ ΕΠΙΤΥΧΩΣ ΘΑΛΑΜΙΣΚΟΣ ΕΝΟΣ ΤΟΝΝΟΥ ΚΑΘ' ΟΛΑ ΟΜΟΙΟΣ ΜΕ ΔΙΑΣΤΗΜΟΠΛΟΙΟΝ
ΑΚΡΩΤΗΡΙΟΝ ΚΑΝΑΒΕΡΑΛ, 19. (Ασσ. Πρέσ). Θαλαμίσκος βάρους ενός τόννου, καθ' όλα όμοιος με διαστημόπλοιον, εξετοξεύθη επιτυχώς σήμερον και περισυνελέγη εις τον Ατλαντικόν. ΑΚΡΩΤΗΡΙΟΝ ΚΑΝΑΒΕΡΑΛ, 19. (Ασσ. Πρέσ). Θαλαμίσκος βάρους ενός τόννου, καθ' όλα όμοιος με διαστημόπλοιον, εξετοξεύθη επιτυχώς σήμερον και περισυνελέγη εις τον Ατλαντικόν.
ΑΠΗΛΛΑΓΗΣΑΝ 20 ΕΚ ΤΩΝ 21 ΔΙΚΑΖΟΜΕΝΩΝ ΕΙΣ ΑΘΗΝΑΣ ΕΡΓΑΤΟΤΕΧΝΙΤΩΝ ΟΙΚΟΔΟΜΩΝ ΑΛΛ' ΥΠΟ ΤΟΥ ΕΙΣΑΓΓΕΛΕΩΣ ΗΣΚΗΘΗ ΕΦΕΣΙΣ
ΑΘΗΝΑΙ, 19. Το πλημμελειοδικείον απήλλαξεν 20 εκ των 21 κατηγορουμένων οικοδόμων, ο δε εισαγγελεύς ήσκησεν έφεσιν κατά της αποφάσεως.
ΔΙΟΙΚΗΣΙΣ ΤΩΝ ΧΟΡΤΩΝ
ΑΘΗΝΑΙ, 19. Το πλημμελειοδικείον απήλλαξεν 20 εκ των 21 κατηγορουμένων οικοδόμων, ο δε εισαγγελεύς ήσκησεν έφεσιν κατά της αποφάσεως.
ΘΑ ΥΠΕΡΒΟΥΝ ΤΟΥΣ ΕΚΑΤΟΝ ΟΙ ΝΕΚΡΟΙ ΕΚ ΤΗΣ ΠΥΡΚΑΓΙΑΣ ΤΟΥ «ΚΟΝΣΤΕΛΛΕΪ-ΣΟΝ»
ΥΠΑΡΧΟΥΝ ΠΑΡΑ ΠΟΛΛΟΙ ΠΑΓΙΔΕΥΜΕΝΟΙ
ΝΕΑ ΥΟΡΚΗ, 19. (Ασσ. Πρέσ). Ο αριθμός των νεκρών εκ της πυρκαγιάς του αεροπλανοφόρου αναμένεται να υπερβή τους εκατόν, καθ' όσον πολλοί εργάται παραμένουν παγιδευμένοι.
ΚΑΙ ΑΛΛΟΙ ΠΑΓΙΔΕΥΜΕΝΟΙ
ΝΕΑ ΥΟΡΚΗ, 19. (Ασσ. Πρέσ). Ο αριθμός των νεκρών εκ της πυρκαγιάς του αεροπλανοφόρου αναμένεται να υπερβή τους εκατόν, καθ' όσον πολλοί εργάται παραμένουν παγιδευμένοι.
ΟΔ ΕΓΚΑΤΑΛΕΙΦΘΗ
ΝΕΑ ΥΟΡΚΗ, 19. (Ασσ. Πρέσ). Ο αριθμός των νεκρών εκ της πυρκαγιάς του αεροπλανοφόρου αναμένεται να υπερβή τους εκατόν, καθ' όσον πολλοί εργάται παραμένουν παγιδευμένοι.
ΔΗΜΟΣΙΟΝ ΠΕΝΘΟΣ ΕΙΣ ΤΟ ΜΟΝΑΧΟΝ
ΜΟΝΑΧΟΝ, 19. (Ρώυτερ). Κηρύσσεται δημόσιον πένθος εις το Μόναχον, μετά την πτώσιν αεροπλάνου εις το κέντρον της πόλεως.
ΤΑ ΕΝ Ν. ΥΟΡΚΗ ΘΥΜΑΤΑ
ΜΟΝΑΧΟΝ, 19. (Ρώυτερ). Κηρύσσεται δημόσιον πένθος εις το Μόναχον, μετά την πτώσιν αεροπλάνου εις το κέντρον της πόλεως.
ΑΠΟΛΟΓΟΥΜΕΝΟΣ Ο ΜΠΑΓΙΑΡ ΕΚΑΥΧΗΘΗ ΟΤΙ ΧΑΡΙΣ ΕΙΣ ΤΑΣ ΠΡΟΣΠΑΘΕΙΑΣ ΤΟΥ
άποκατεστάθη είς Κύπρον
ή κυριαρχία τής Τουρκίας
Η ΝΗΣΟΣ ΕΙΧΕ ΦΥΓΕΙ ΑΠΟ ΤΑ ΤΟΥΡΚΙΚΑ ΧΕΡΙΑ
ΚΩΝΣΤΑΝΤΙΝΟΥΠΟΛΙΣ, 19. (Ασσ. Πρέσ). Ο πρώην πρωθυπουργός της Τουρκίας απολογούμενος ενώπιον του δικαστηρίου ισχυρίσθη ότι χάρις εις τας προσπαθείας του αποκατεστάθη η κυριαρχία της Τουρκίας επί της Κύπρου. ΚΩΝΣΤΑΝΤΙΝΟΥΠΟΛΙΣ, 19. (Ασσ. Πρέσ). Ο πρώην πρωθυπουργός της Τουρκίας απολογούμενος ενώπιον του δικαστηρίου ισχυρίσθη ότι χάρις εις τας προσπαθείας του αποκατεστάθη η κυριαρχία της Τουρκίας επί της Κύπρου.
